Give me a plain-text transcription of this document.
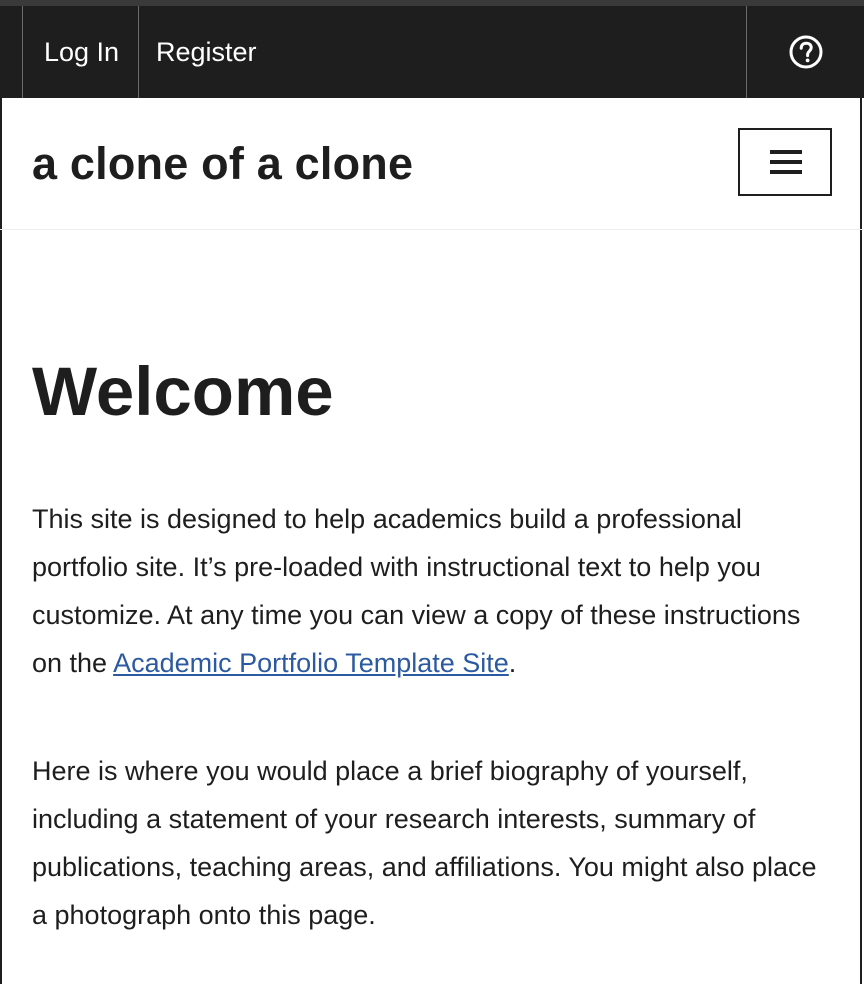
Log In Register
a clone of a clone
Welcome

This site is designed to help academics build a professional portfolio site. It’s pre-loaded with instructional text to help you customize. At any time you can view a copy of these instructions on the Academic Portfolio Template Site.

Here is where you would place a brief biography of yourself, including a statement of your research interests, summary of publications, teaching areas, and affiliations. You might also place a photograph onto this page.
